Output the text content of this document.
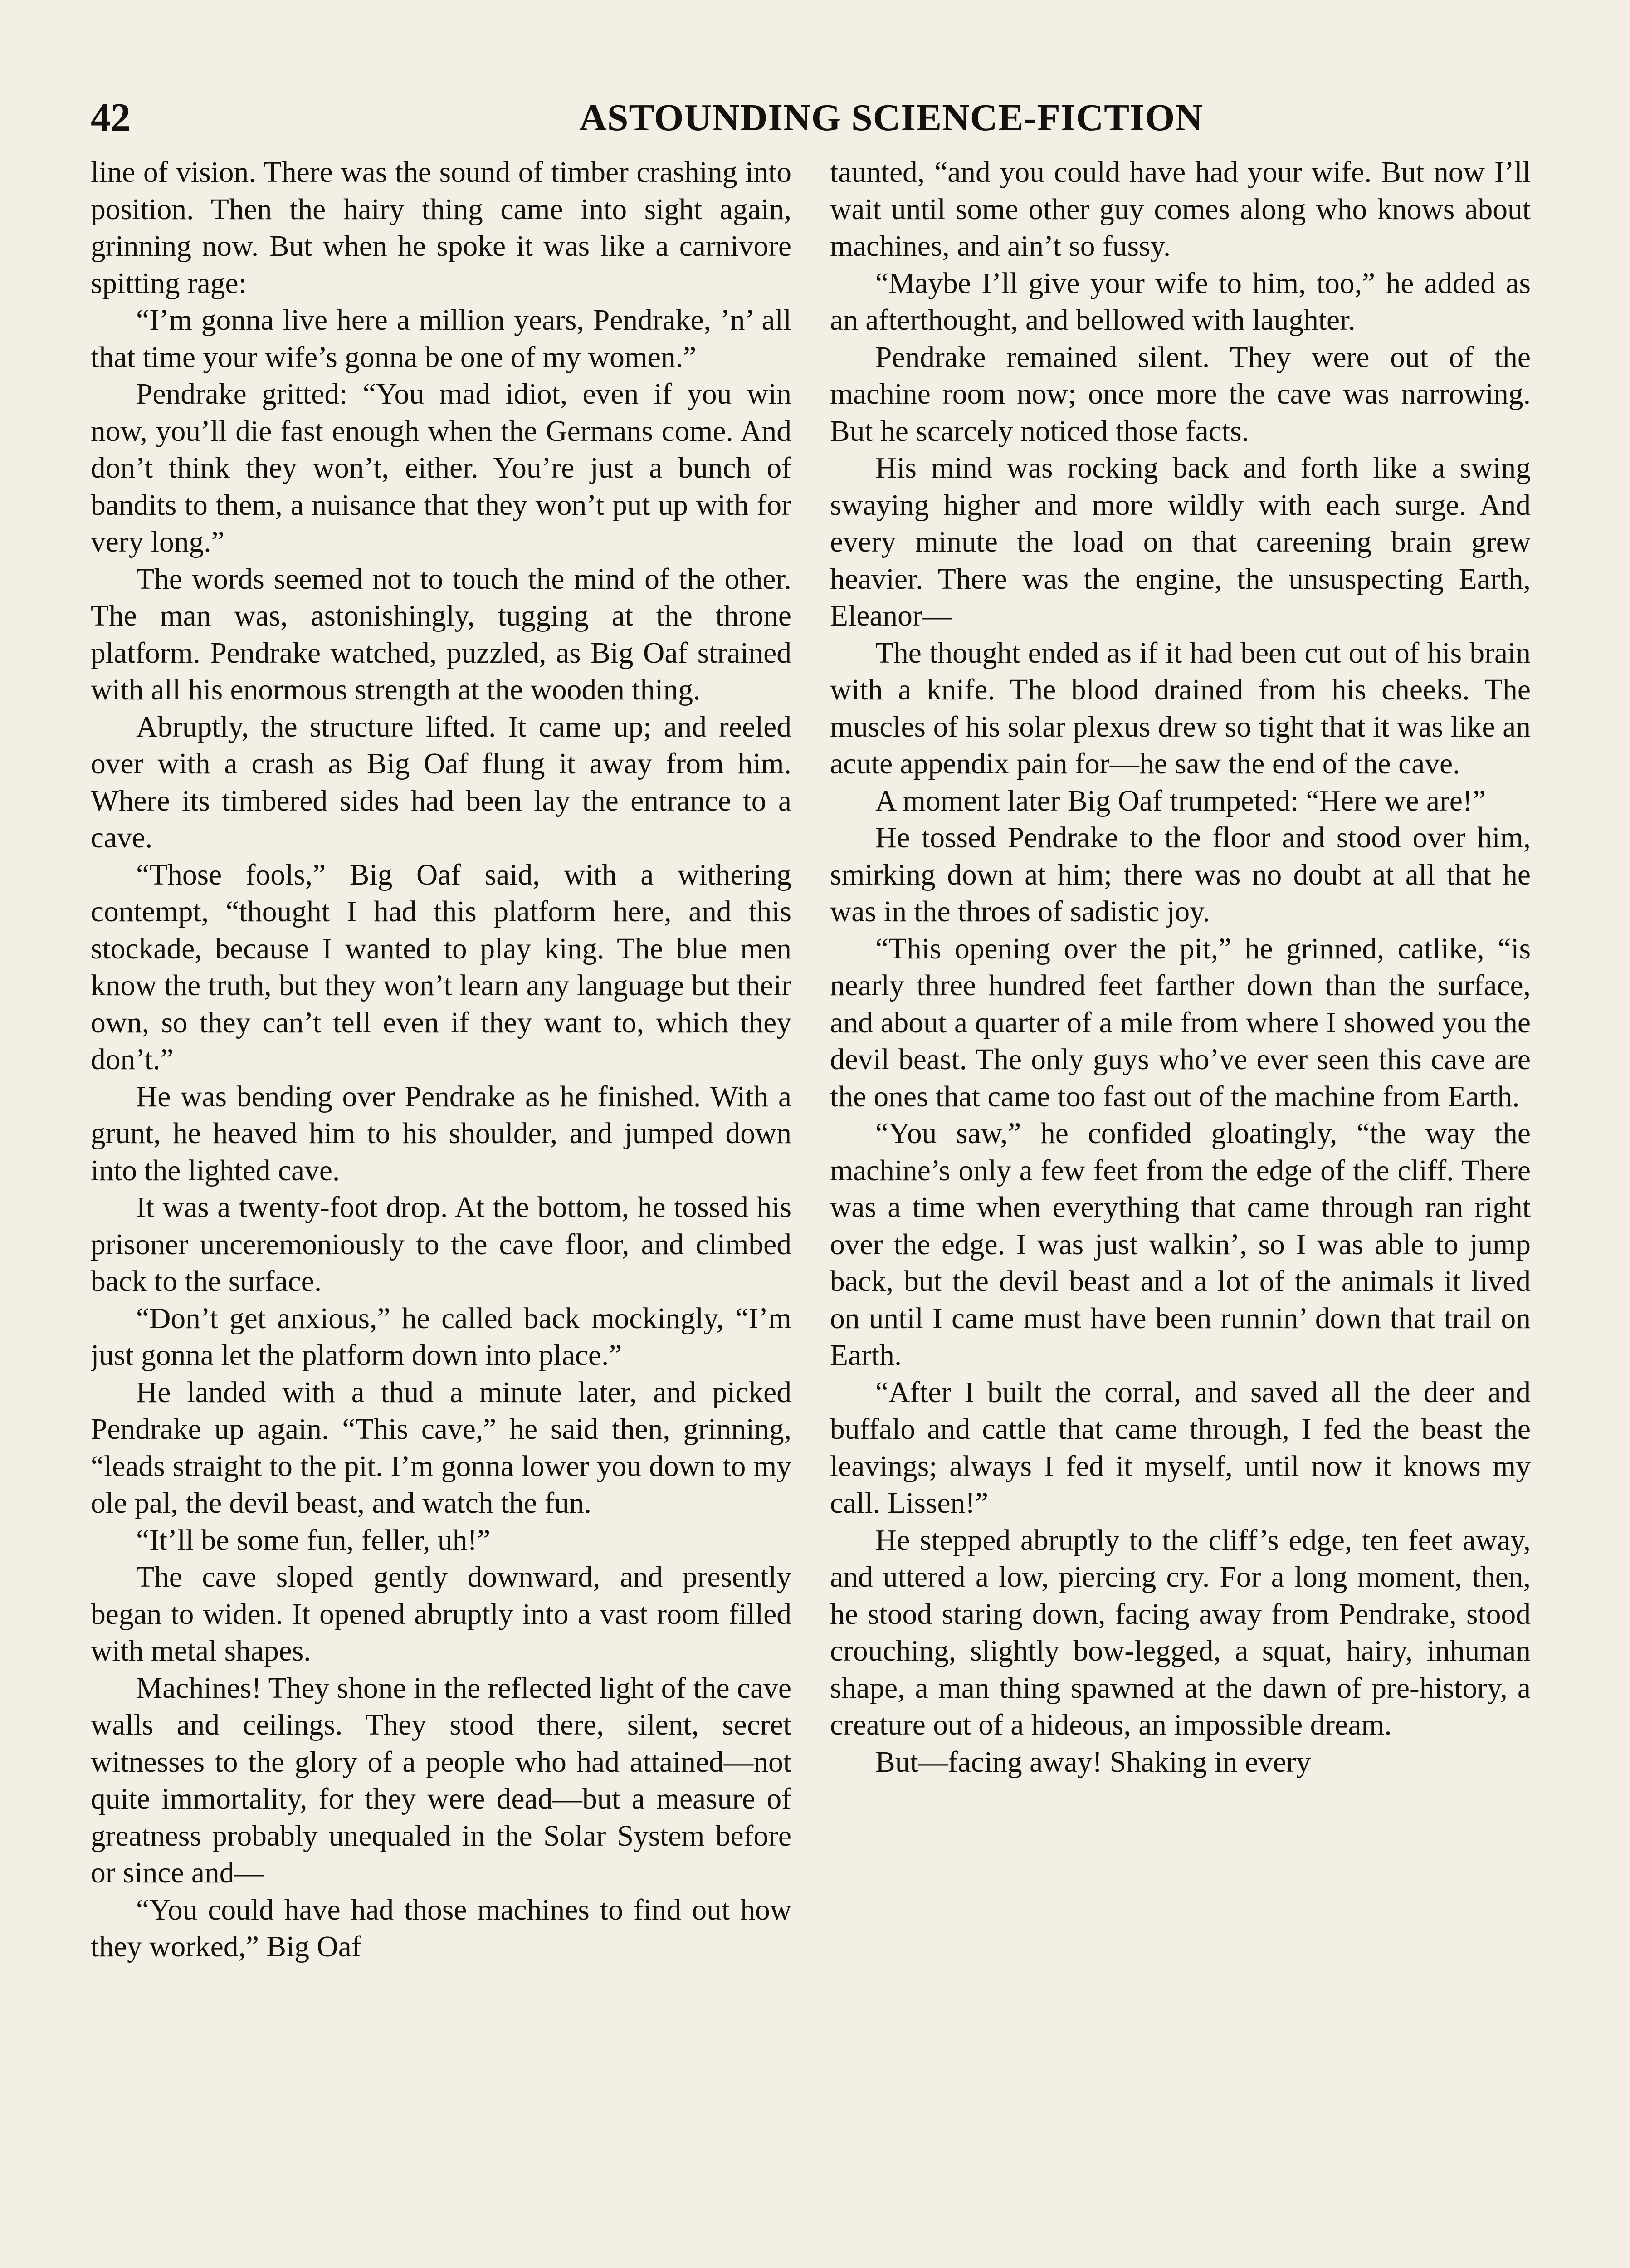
42	ASTOUNDING SCIENCE-FICTION

line of vision. There was the sound of timber crashing into position. Then the hairy thing came into sight again, grinning now. But when he spoke it was like a carnivore spitting rage:

“I’m gonna live here a million years, Pendrake, ’n’ all that time your wife’s gonna be one of my women.”

Pendrake gritted: “You mad idiot, even if you win now, you’ll die fast enough when the Germans come. And don’t think they won’t, either. You’re just a bunch of bandits to them, a nuisance that they won’t put up with for very long.”

The words seemed not to touch the mind of the other. The man was, astonishingly, tugging at the throne platform. Pendrake watched, puzzled, as Big Oaf strained with all his enormous strength at the wooden thing.

Abruptly, the structure lifted. It came up; and reeled over with a crash as Big Oaf flung it away from him. Where its timbered sides had been lay the entrance to a cave.

“Those fools,” Big Oaf said, with a withering contempt, “thought I had this platform here, and this stockade, because I wanted to play king. The blue men know the truth, but they won’t learn any language but their own, so they can’t tell even if they want to, which they don’t.”

He was bending over Pendrake as he finished. With a grunt, he heaved him to his shoulder, and jumped down into the lighted cave.

It was a twenty-foot drop. At the bottom, he tossed his prisoner unceremoniously to the cave floor, and climbed back to the surface.

“Don’t get anxious,” he called back mockingly, “I’m just gonna let the platform down into place.”

He landed with a thud a minute later, and picked Pendrake up again. “This cave,” he said then, grinning, “leads straight to the pit. I’m gonna lower you down to my ole pal, the devil beast, and watch the fun.

“It’ll be some fun, feller, uh!”

The cave sloped gently downward, and presently began to widen. It opened abruptly into a vast room filled with metal shapes.

Machines! They shone in the reflected light of the cave walls and ceilings. They stood there, silent, secret witnesses to the glory of a people who had attained—not quite immortality, for they were dead—but a measure of greatness probably unequaled in the Solar System before or since and—

“You could have had those machines to find out how they worked,” Big Oaf

taunted, “and you could have had your wife. But now I’ll wait until some other guy comes along who knows about machines, and ain’t so fussy.

“Maybe I’ll give your wife to him, too,” he added as an afterthought, and bellowed with laughter.

Pendrake remained silent. They were out of the machine room now; once more the cave was narrowing. But he scarcely noticed those facts.

His mind was rocking back and forth like a swing swaying higher and more wildly with each surge. And every minute the load on that careening brain grew heavier. There was the engine, the unsuspecting Earth, Eleanor—

The thought ended as if it had been cut out of his brain with a knife. The blood drained from his cheeks. The muscles of his solar plexus drew so tight that it was like an acute appendix pain for—he saw the end of the cave.

A moment later Big Oaf trumpeted: “Here we are!”

He tossed Pendrake to the floor and stood over him, smirking down at him; there was no doubt at all that he was in the throes of sadistic joy.

“This opening over the pit,” he grinned, catlike, “is nearly three hundred feet farther down than the surface, and about a quarter of a mile from where I showed you the devil beast. The only guys who’ve ever seen this cave are the ones that came too fast out of the machine from Earth.

“You saw,” he confided gloatingly, “the way the machine’s only a few feet from the edge of the cliff. There was a time when everything that came through ran right over the edge. I was just walkin’, so I was able to jump back, but the devil beast and a lot of the animals it lived on until I came must have been runnin’ down that trail on Earth.

“After I built the corral, and saved all the deer and buffalo and cattle that came through, I fed the beast the leavings; always I fed it myself, until now it knows my call. Lissen!”

He stepped abruptly to the cliff’s edge, ten feet away, and uttered a low, piercing cry. For a long moment, then, he stood staring down, facing away from Pendrake, stood crouching, slightly bow-legged, a squat, hairy, inhuman shape, a man thing spawned at the dawn of pre-history, a creature out of a hideous, an impossible dream.

But—facing away! Shaking in every
